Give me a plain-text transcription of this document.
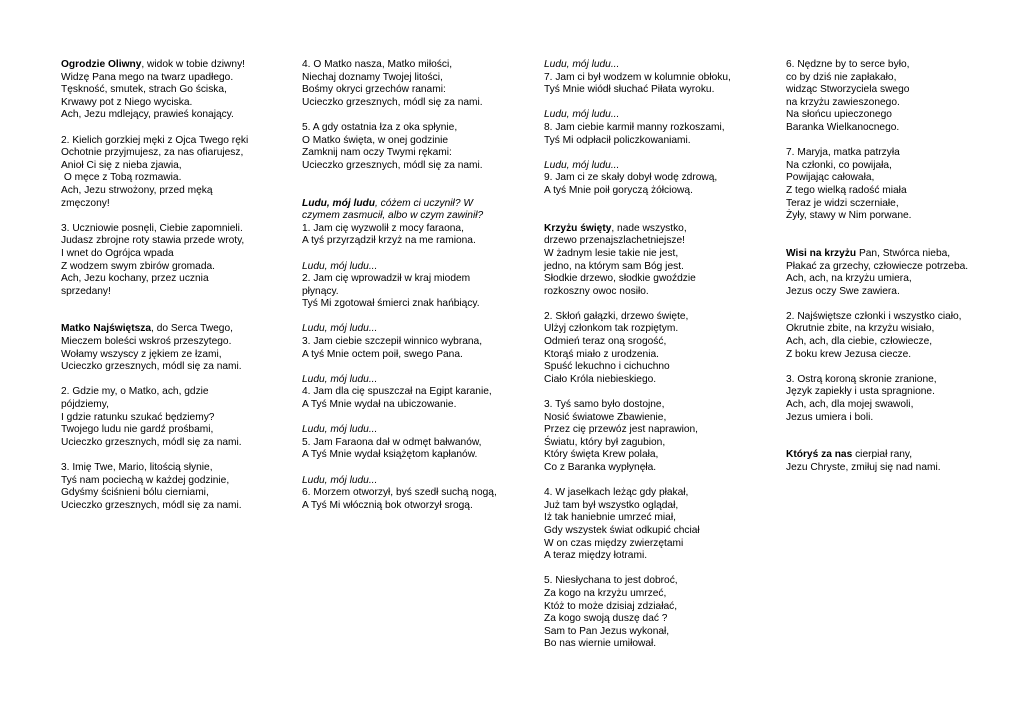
Ogrodzie Oliwny, widok w tobie dziwny!
Widzę Pana mego na twarz upadłego.
Tęskność, smutek, strach Go ściska,
Krwawy pot z Niego wyciska.
Ach, Jezu mdlejący, prawieś konający.
2. Kielich gorzkiej męki z Ojca Twego ręki
Ochotnie przyjmujesz, za nas ofiarujesz,
Anioł Ci się z nieba zjawia,
O męce z Tobą rozmawia.
Ach, Jezu strwożony, przed męką zmęczony!
3. Uczniowie posnęli, Ciebie zapomnieli.
Judasz zbrojne roty stawia przede wroty,
I wnet do Ogrójca wpada
Z wodzem swym zbirów gromada.
Ach, Jezu kochany, przez ucznia sprzedany!
Matko Najświętsza, do Serca Twego,
Mieczem boleści wskroś przeszytego.
Wołamy wszyscy z jękiem ze łzami,
Ucieczko grzesznych, módl się za nami.
2. Gdzie my, o Matko, ach, gdzie pójdziemy,
I gdzie ratunku szukać będziemy?
Twojego ludu nie gardź prośbami,
Ucieczko grzesznych, módl się za nami.
3. Imię Twe, Mario, litością słynie,
Tyś nam pociechą w każdej godzinie,
Gdyśmy ściśnieni bólu cierniami,
Ucieczko grzesznych, módl się za nami.
4. O Matko nasza, Matko miłości,
Niechaj doznamy Twojej litości,
Bośmy okryci grzechów ranami:
Ucieczko grzesznych, módl się za nami.
5. A gdy ostatnia łza z oka spłynie,
O Matko święta, w onej godzinie
Zamknij nam oczy Twymi rękami:
Ucieczko grzesznych, módl się za nami.
Ludu, mój ludu, cóżem ci uczynił? W czymem zasmucił, albo w czym zawinił?
1. Jam cię wyzwolił z mocy faraona,
A tyś przyrządził krzyż na me ramiona.
Ludu, mój ludu...
2. Jam cię wprowadził w kraj miodem płynący.
Tyś Mi zgotował śmierci znak hańbiący.
Ludu, mój ludu...
3. Jam ciebie szczepił winnico wybrana,
A tyś Mnie octem poił, swego Pana.
Ludu, mój ludu...
4. Jam dla cię spuszczał na Egipt karanie,
A Tyś Mnie wydał na ubiczowanie.
Ludu, mój ludu...
5. Jam Faraona dał w odmęt bałwanów,
A Tyś Mnie wydał książętom kapłanów.
Ludu, mój ludu...
6. Morzem otworzył, byś szedł suchą nogą,
A Tyś Mi włócznią bok otworzył srogą.
Ludu, mój ludu...
7. Jam ci był wodzem w kolumnie obłoku,
Tyś Mnie wiódł słuchać Piłata wyroku.
Ludu, mój ludu...
8. Jam ciebie karmił manny rozkoszami,
Tyś Mi odpłacił policzkowaniami.
Ludu, mój ludu...
9. Jam ci ze skały dobył wodę zdrową,
A tyś Mnie poił goryczą żółciową.
Krzyżu święty, nade wszystko,
drzewo przenajszlachetniejsze!
W żadnym lesie takie nie jest,
jedno, na którym sam Bóg jest.
Słodkie drzewo, słodkie gwoździe
rozkoszny owoc nosiło.
2. Skłoń gałązki, drzewo święte,
Ulżyj członkom tak rozpiętym.
Odmień teraz oną srogość,
Ktorąś miało z urodzenia.
Spuść lekuchno i cichuchno
Ciało Króla niebieskiego.
3. Tyś samo było dostojne,
Nosić światowe Zbawienie,
Przez cię przewóz jest naprawion,
Światu, który był zagubion,
Który święta Krew polała,
Co z Baranka wypłynęła.
4. W jasełkach leżąc gdy płakał,
Już tam był wszystko oglądał,
Iż tak haniebnie umrzeć miał,
Gdy wszystek świat odkupić chciał
W on czas między zwierzętami
A teraz między łotrami.
5. Niesłychana to jest dobroć,
Za kogo na krzyżu umrzeć,
Któż to może dzisiaj zdziałać,
Za kogo swoją duszę dać ?
Sam to Pan Jezus wykonał,
Bo nas wiernie umiłował.
6. Nędzne by to serce było,
co by dziś nie zapłakało,
widząc Stworzyciela swego
na krzyżu zawieszonego.
Na słońcu upieczonego
Baranka Wielkanocnego.
7. Maryja, matka patrzyła
Na członki, co powijała,
Powijając całowała,
Z tego wielką radość miała
Teraz je widzi sczerniałe,
Żyły, stawy w Nim porwane.
Wisi na krzyżu Pan, Stwórca nieba,
Płakać za grzechy, człowiecze potrzeba.
Ach, ach, na krzyżu umiera,
Jezus oczy Swe zawiera.
2. Najświętsze członki i wszystko ciało,
Okrutnie zbite, na krzyżu wisiało,
Ach, ach, dla ciebie, człowiecze,
Z boku krew Jezusa ciecze.
3. Ostrą koroną skronie zranione,
Język zapiekły i usta spragnione.
Ach, ach, dla mojej swawoli,
Jezus umiera i boli.
Któryś za nas cierpiał rany,
Jezu Chryste, zmiłuj się nad nami.
